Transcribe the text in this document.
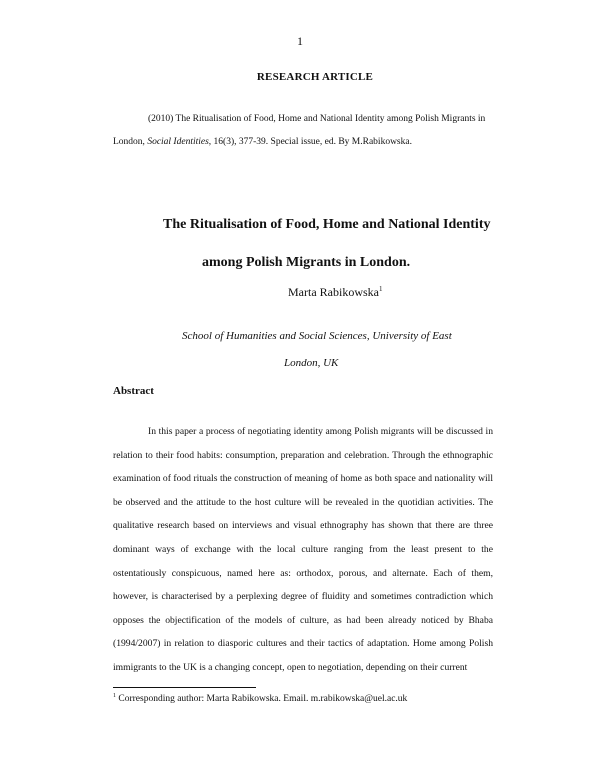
1
RESEARCH ARTICLE
(2010) The Ritualisation of Food, Home and National Identity among Polish Migrants in London, Social Identities, 16(3), 377-39. Special issue, ed. By M.Rabikowska.
The Ritualisation of Food, Home and National Identity
among Polish Migrants in London.
Marta Rabikowska$^1$
School of Humanities and Social Sciences, University of East
London, UK
Abstract
In this paper a process of negotiating identity among Polish migrants will be discussed in relation to their food habits: consumption, preparation and celebration. Through the ethnographic examination of food rituals the construction of meaning of home as both space and nationality will be observed and the attitude to the host culture will be revealed in the quotidian activities. The qualitative research based on interviews and visual ethnography has shown that there are three dominant ways of exchange with the local culture ranging from the least present to the ostentatiously conspicuous, named here as: orthodox, porous, and alternate. Each of them, however, is characterised by a perplexing degree of fluidity and sometimes contradiction which opposes the objectification of the models of culture, as had been already noticed by Bhaba (1994/2007) in relation to diasporic cultures and their tactics of adaptation. Home among Polish immigrants to the UK is a changing concept, open to negotiation, depending on their current
$^1$ Corresponding author: Marta Rabikowska. Email. m.rabikowska@uel.ac.uk
